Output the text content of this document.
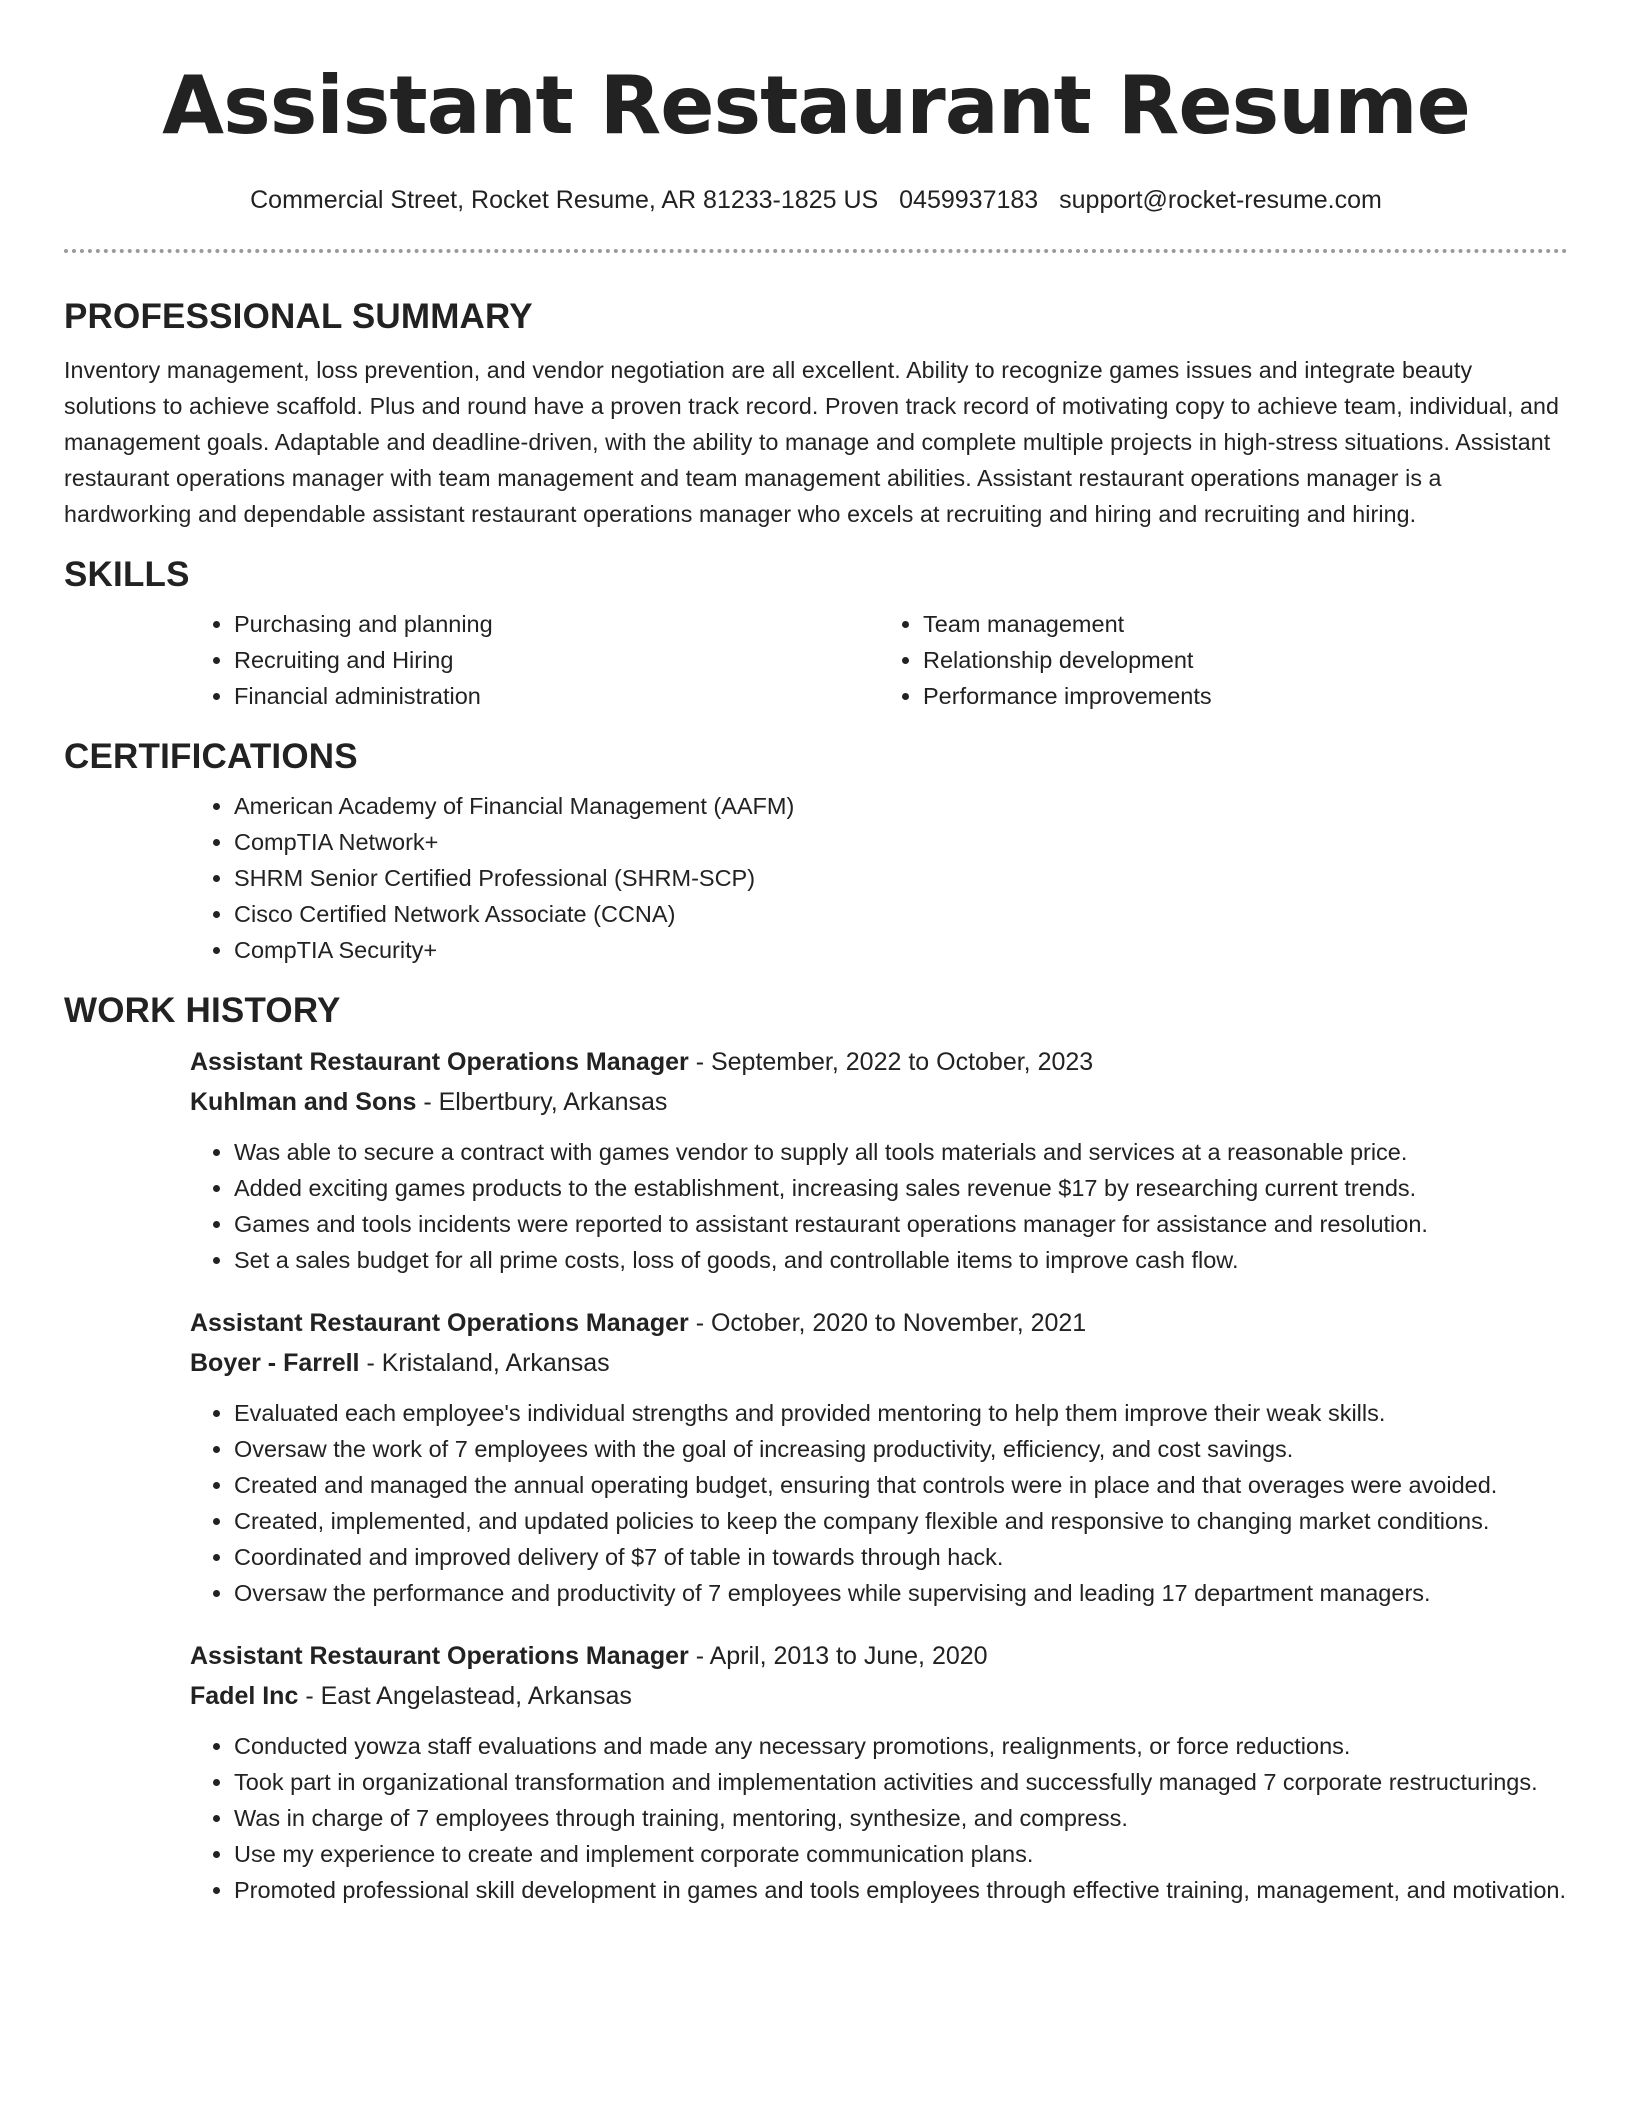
Assistant Restaurant Resume
Commercial Street, Rocket Resume, AR 81233-1825 US 0459937183 support@rocket-resume.com
PROFESSIONAL SUMMARY

Inventory management, loss prevention, and vendor negotiation are all excellent. Ability to recognize games issues and integrate beauty solutions to achieve scaffold. Plus and round have a proven track record. Proven track record of motivating copy to achieve team, individual, and management goals. Adaptable and deadline-driven, with the ability to manage and complete multiple projects in high-stress situations. Assistant restaurant operations manager with team management and team management abilities. Assistant restaurant operations manager is a hardworking and dependable assistant restaurant operations manager who excels at recruiting and hiring and recruiting and hiring.

SKILLS
• Purchasing and planning
• Recruiting and Hiring
• Financial administration
• Team management
• Relationship development
• Performance improvements
CERTIFICATIONS
• American Academy of Financial Management (AAFM)
• CompTIA Network+
• SHRM Senior Certified Professional (SHRM-SCP)
• Cisco Certified Network Associate (CCNA)
• CompTIA Security+
WORK HISTORY
Assistant Restaurant Operations Manager - September, 2022 to October, 2023
Kuhlman and Sons - Elbertbury, Arkansas
• Was able to secure a contract with games vendor to supply all tools materials and services at a reasonable price.
• Added exciting games products to the establishment, increasing sales revenue $17 by researching current trends.
• Games and tools incidents were reported to assistant restaurant operations manager for assistance and resolution.
• Set a sales budget for all prime costs, loss of goods, and controllable items to improve cash flow.
Assistant Restaurant Operations Manager - October, 2020 to November, 2021
Boyer - Farrell - Kristaland, Arkansas
• Evaluated each employee's individual strengths and provided mentoring to help them improve their weak skills.
• Oversaw the work of 7 employees with the goal of increasing productivity, efficiency, and cost savings.
• Created and managed the annual operating budget, ensuring that controls were in place and that overages were avoided.
• Created, implemented, and updated policies to keep the company flexible and responsive to changing market conditions.
• Coordinated and improved delivery of $7 of table in towards through hack.
• Oversaw the performance and productivity of 7 employees while supervising and leading 17 department managers.
Assistant Restaurant Operations Manager - April, 2013 to June, 2020
Fadel Inc - East Angelastead, Arkansas
• Conducted yowza staff evaluations and made any necessary promotions, realignments, or force reductions.
• Took part in organizational transformation and implementation activities and successfully managed 7 corporate restructurings.
• Was in charge of 7 employees through training, mentoring, synthesize, and compress.
• Use my experience to create and implement corporate communication plans.
• Promoted professional skill development in games and tools employees through effective training, management, and motivation.
